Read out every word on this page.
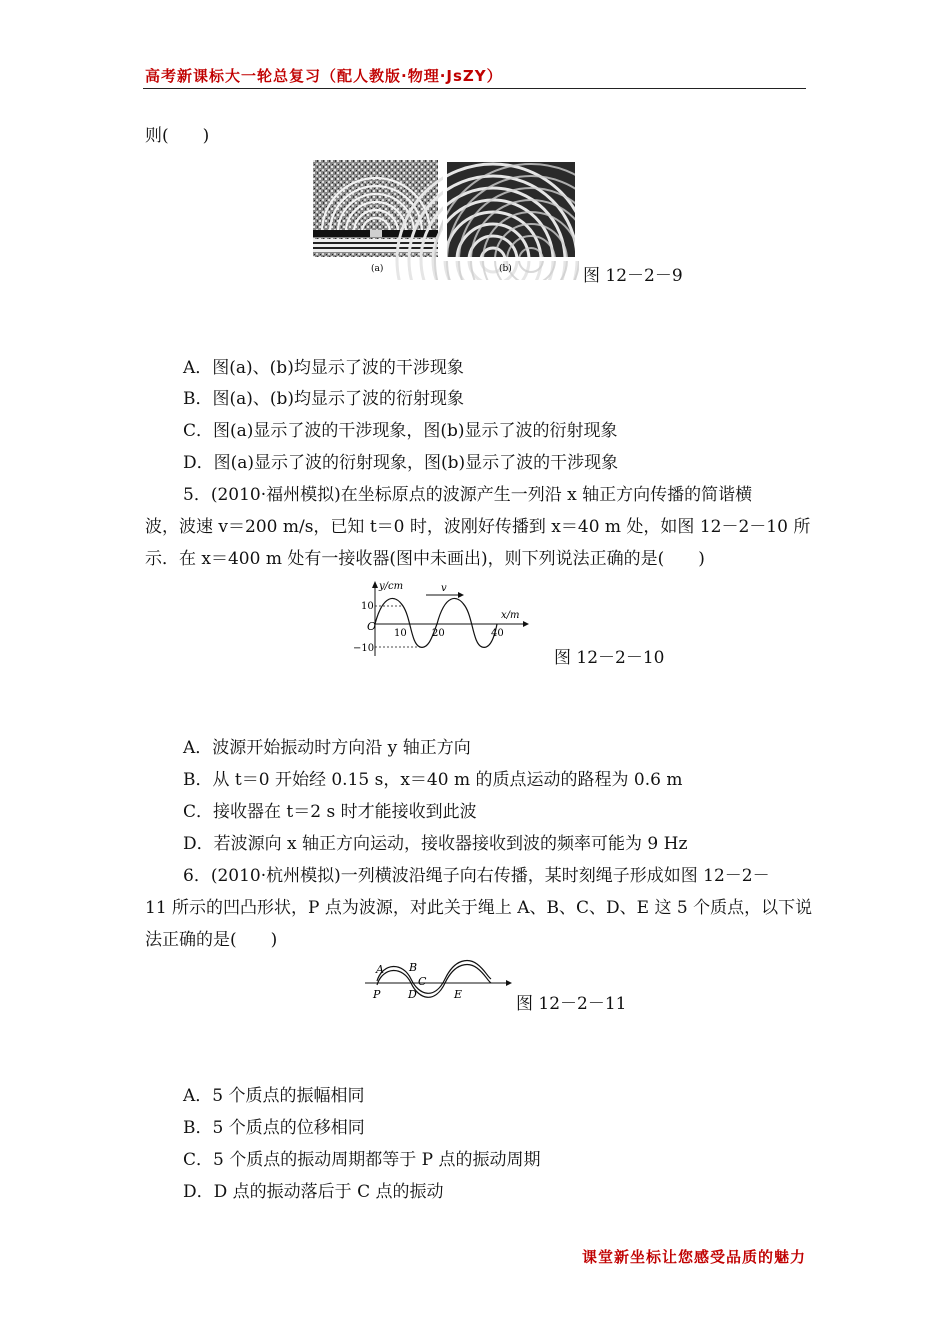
高考新课标大一轮总复习（配人教版·物理·JsZY）
则(　　)
(a)	(b)	图 12－2－9
A．图(a)、(b)均显示了波的干涉现象
B．图(a)、(b)均显示了波的衍射现象
C．图(a)显示了波的干涉现象，图(b)显示了波的衍射现象
D．图(a)显示了波的衍射现象，图(b)显示了波的干涉现象
5．(2010·福州模拟)在坐标原点的波源产生一列沿 x 轴正方向传播的简谐横
波，波速 v＝200 m/s，已知 t＝0 时，波刚好传播到 x＝40 m 处，如图 12－2－10 所
示．在 x＝400 m 处有一接收器(图中未画出)，则下列说法正确的是(　　)
y/cm
x/m
v
O
10
−10
10	20	40
图 12－2－10
A．波源开始振动时方向沿 y 轴正方向
B．从 t＝0 开始经 0.15 s，x＝40 m 的质点运动的路程为 0.6 m
C．接收器在 t＝2 s 时才能接收到此波
D．若波源向 x 轴正方向运动，接收器接收到波的频率可能为 9 Hz
6．(2010·杭州模拟)一列横波沿绳子向右传播，某时刻绳子形成如图 12－2－
11 所示的凹凸形状，P 点为波源，对此关于绳上 A、B、C、D、E 这 5 个质点，以下说
法正确的是(　　)
A B
C
P	D	E	图 12－2－11
A．5 个质点的振幅相同
B．5 个质点的位移相同
C．5 个质点的振动周期都等于 P 点的振动周期
D．D 点的振动落后于 C 点的振动
课堂新坐标让您感受品质的魅力
